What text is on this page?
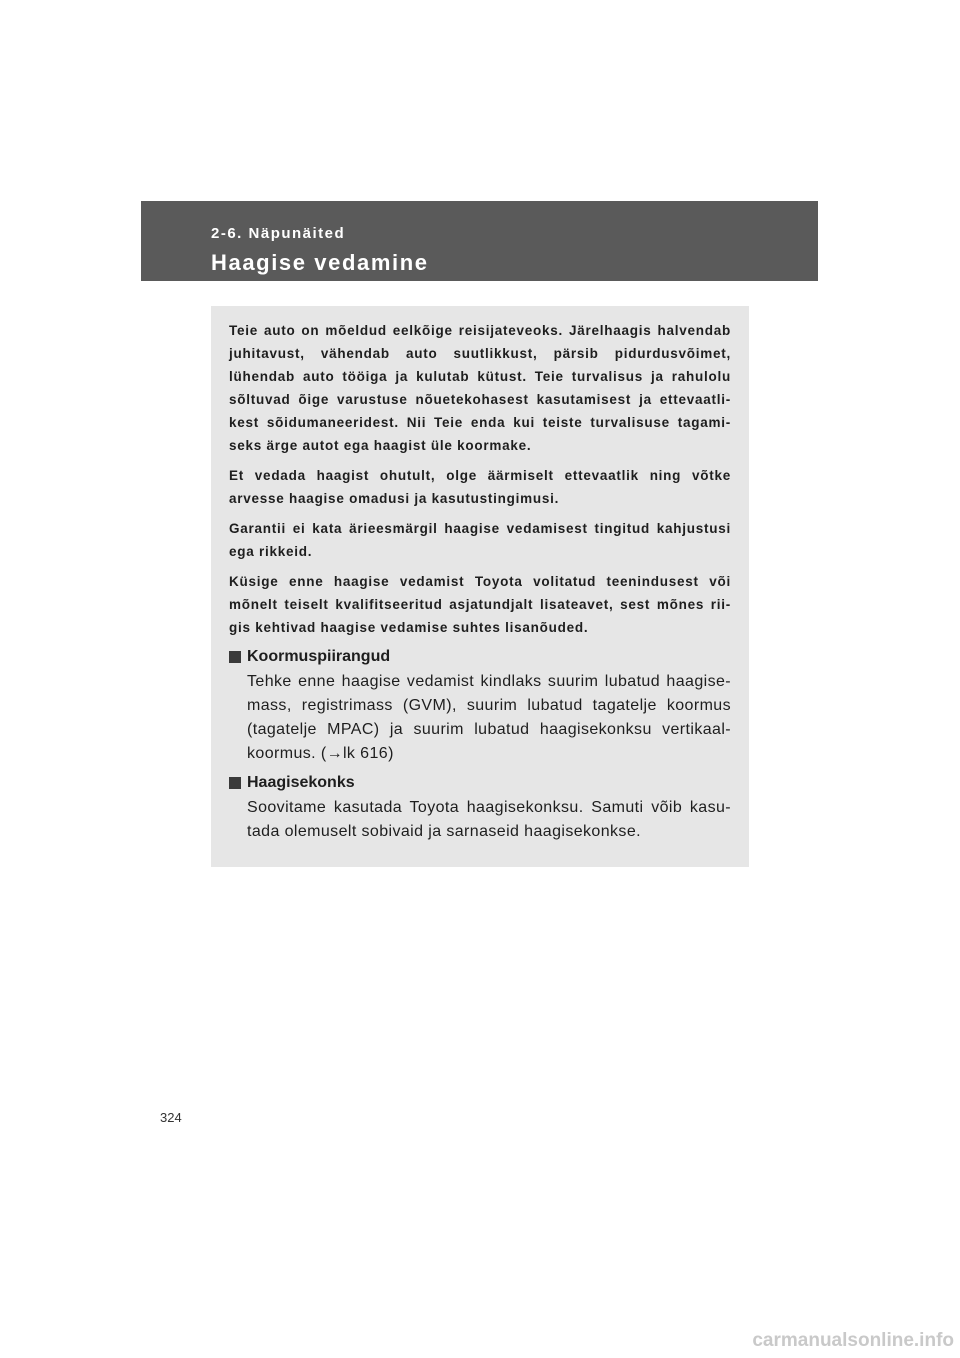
2-6. Näpunäited
Haagise vedamine
Teie auto on mõeldud eelkõige reisijateveoks. Järelhaagis halvendab
juhitavust, vähendab auto suutlikkust, pärsib pidurdusvõimet,
lühendab auto tööiga ja kulutab kütust. Teie turvalisus ja rahulolu
sõltuvad õige varustuse nõuetekohasest kasutamisest ja ettevaatli-
kest sõidumaneeridest. Nii Teie enda kui teiste turvalisuse tagami-
seks ärge autot ega haagist üle koormake.
Et vedada haagist ohutult, olge äärmiselt ettevaatlik ning võtke
arvesse haagise omadusi ja kasutustingimusi.
Garantii ei kata ärieesmärgil haagise vedamisest tingitud kahjustusi
ega rikkeid.
Küsige enne haagise vedamist Toyota volitatud teenindusest või
mõnelt teiselt kvalifitseeritud asjatundjalt lisateavet, sest mõnes rii-
gis kehtivad haagise vedamise suhtes lisanõuded.
Koormuspiirangud
Tehke enne haagise vedamist kindlaks suurim lubatud haagise-
mass, registrimass (GVM), suurim lubatud tagatelje koormus
(tagatelje MPAC) ja suurim lubatud haagisekonksu vertikaal-
koormus. (→lk 616)
Haagisekonks
Soovitame kasutada Toyota haagisekonksu. Samuti võib kasu-
tada olemuselt sobivaid ja sarnaseid haagisekonkse.
324
carmanualsonline.info
